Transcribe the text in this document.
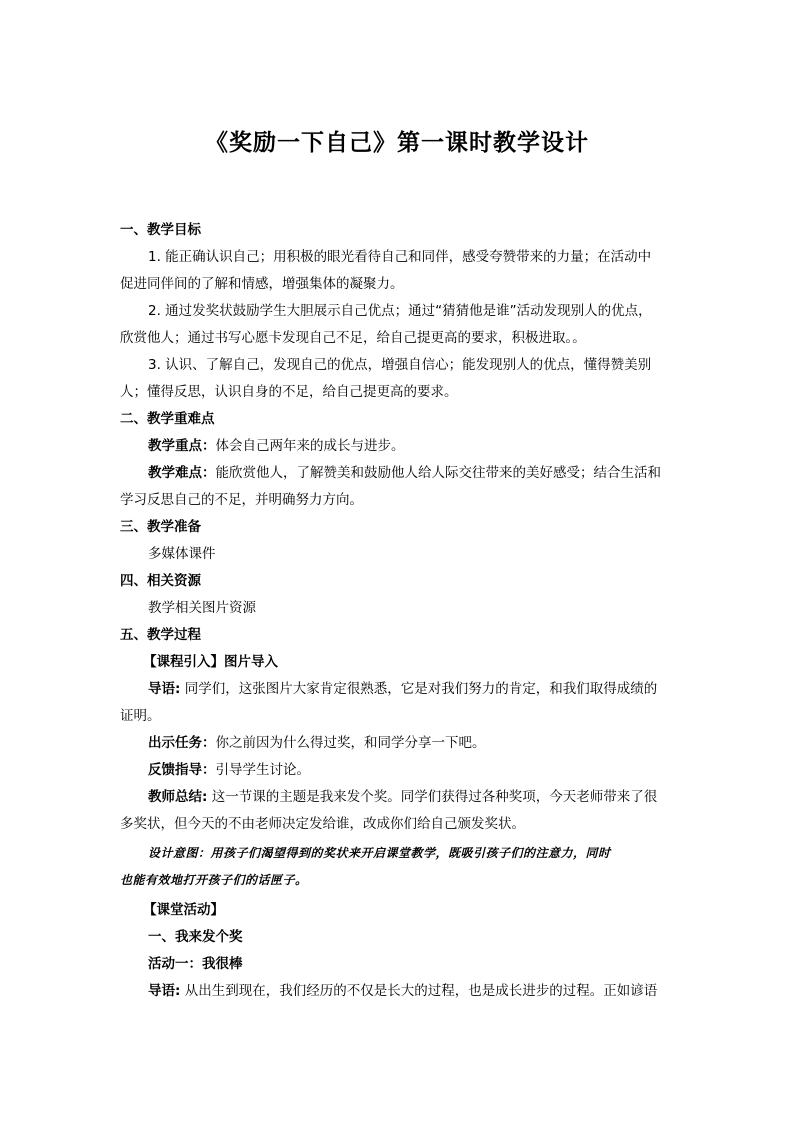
《奖励一下自己》第一课时教学设计
一、教学目标
1. 能正确认识自己；用积极的眼光看待自己和同伴，感受夸赞带来的力量；在活动中
促进同伴间的了解和情感，增强集体的凝聚力。
2. 通过发奖状鼓励学生大胆展示自己优点；通过“猜猜他是谁”活动发现别人的优点，
欣赏他人；通过书写心愿卡发现自己不足，给自己提更高的要求，积极进取。。
3. 认识、了解自己，发现自己的优点，增强自信心；能发现别人的优点，懂得赞美别
人；懂得反思，认识自身的不足，给自己提更高的要求。
二、教学重难点
教学重点：体会自己两年来的成长与进步。
教学难点：能欣赏他人，了解赞美和鼓励他人给人际交往带来的美好感受；结合生活和
学习反思自己的不足，并明确努力方向。
三、教学准备
多媒体课件
四、相关资源
教学相关图片资源
五、教学过程
【课程引入】图片导入
导语: 同学们，这张图片大家肯定很熟悉，它是对我们努力的肯定，和我们取得成绩的
证明。
出示任务：你之前因为什么得过奖，和同学分享一下吧。
反馈指导：引导学生讨论。
教师总结: 这一节课的主题是我来发个奖。同学们获得过各种奖项，今天老师带来了很
多奖状，但今天的不由老师决定发给谁，改成你们给自己颁发奖状。
设计意图：用孩子们渴望得到的奖状来开启课堂教学，既吸引孩子们的注意力，同时
也能有效地打开孩子们的话匣子。
【课堂活动】
一、我来发个奖
活动一：我很棒
导语: 从出生到现在，我们经历的不仅是长大的过程，也是成长进步的过程。正如谚语
